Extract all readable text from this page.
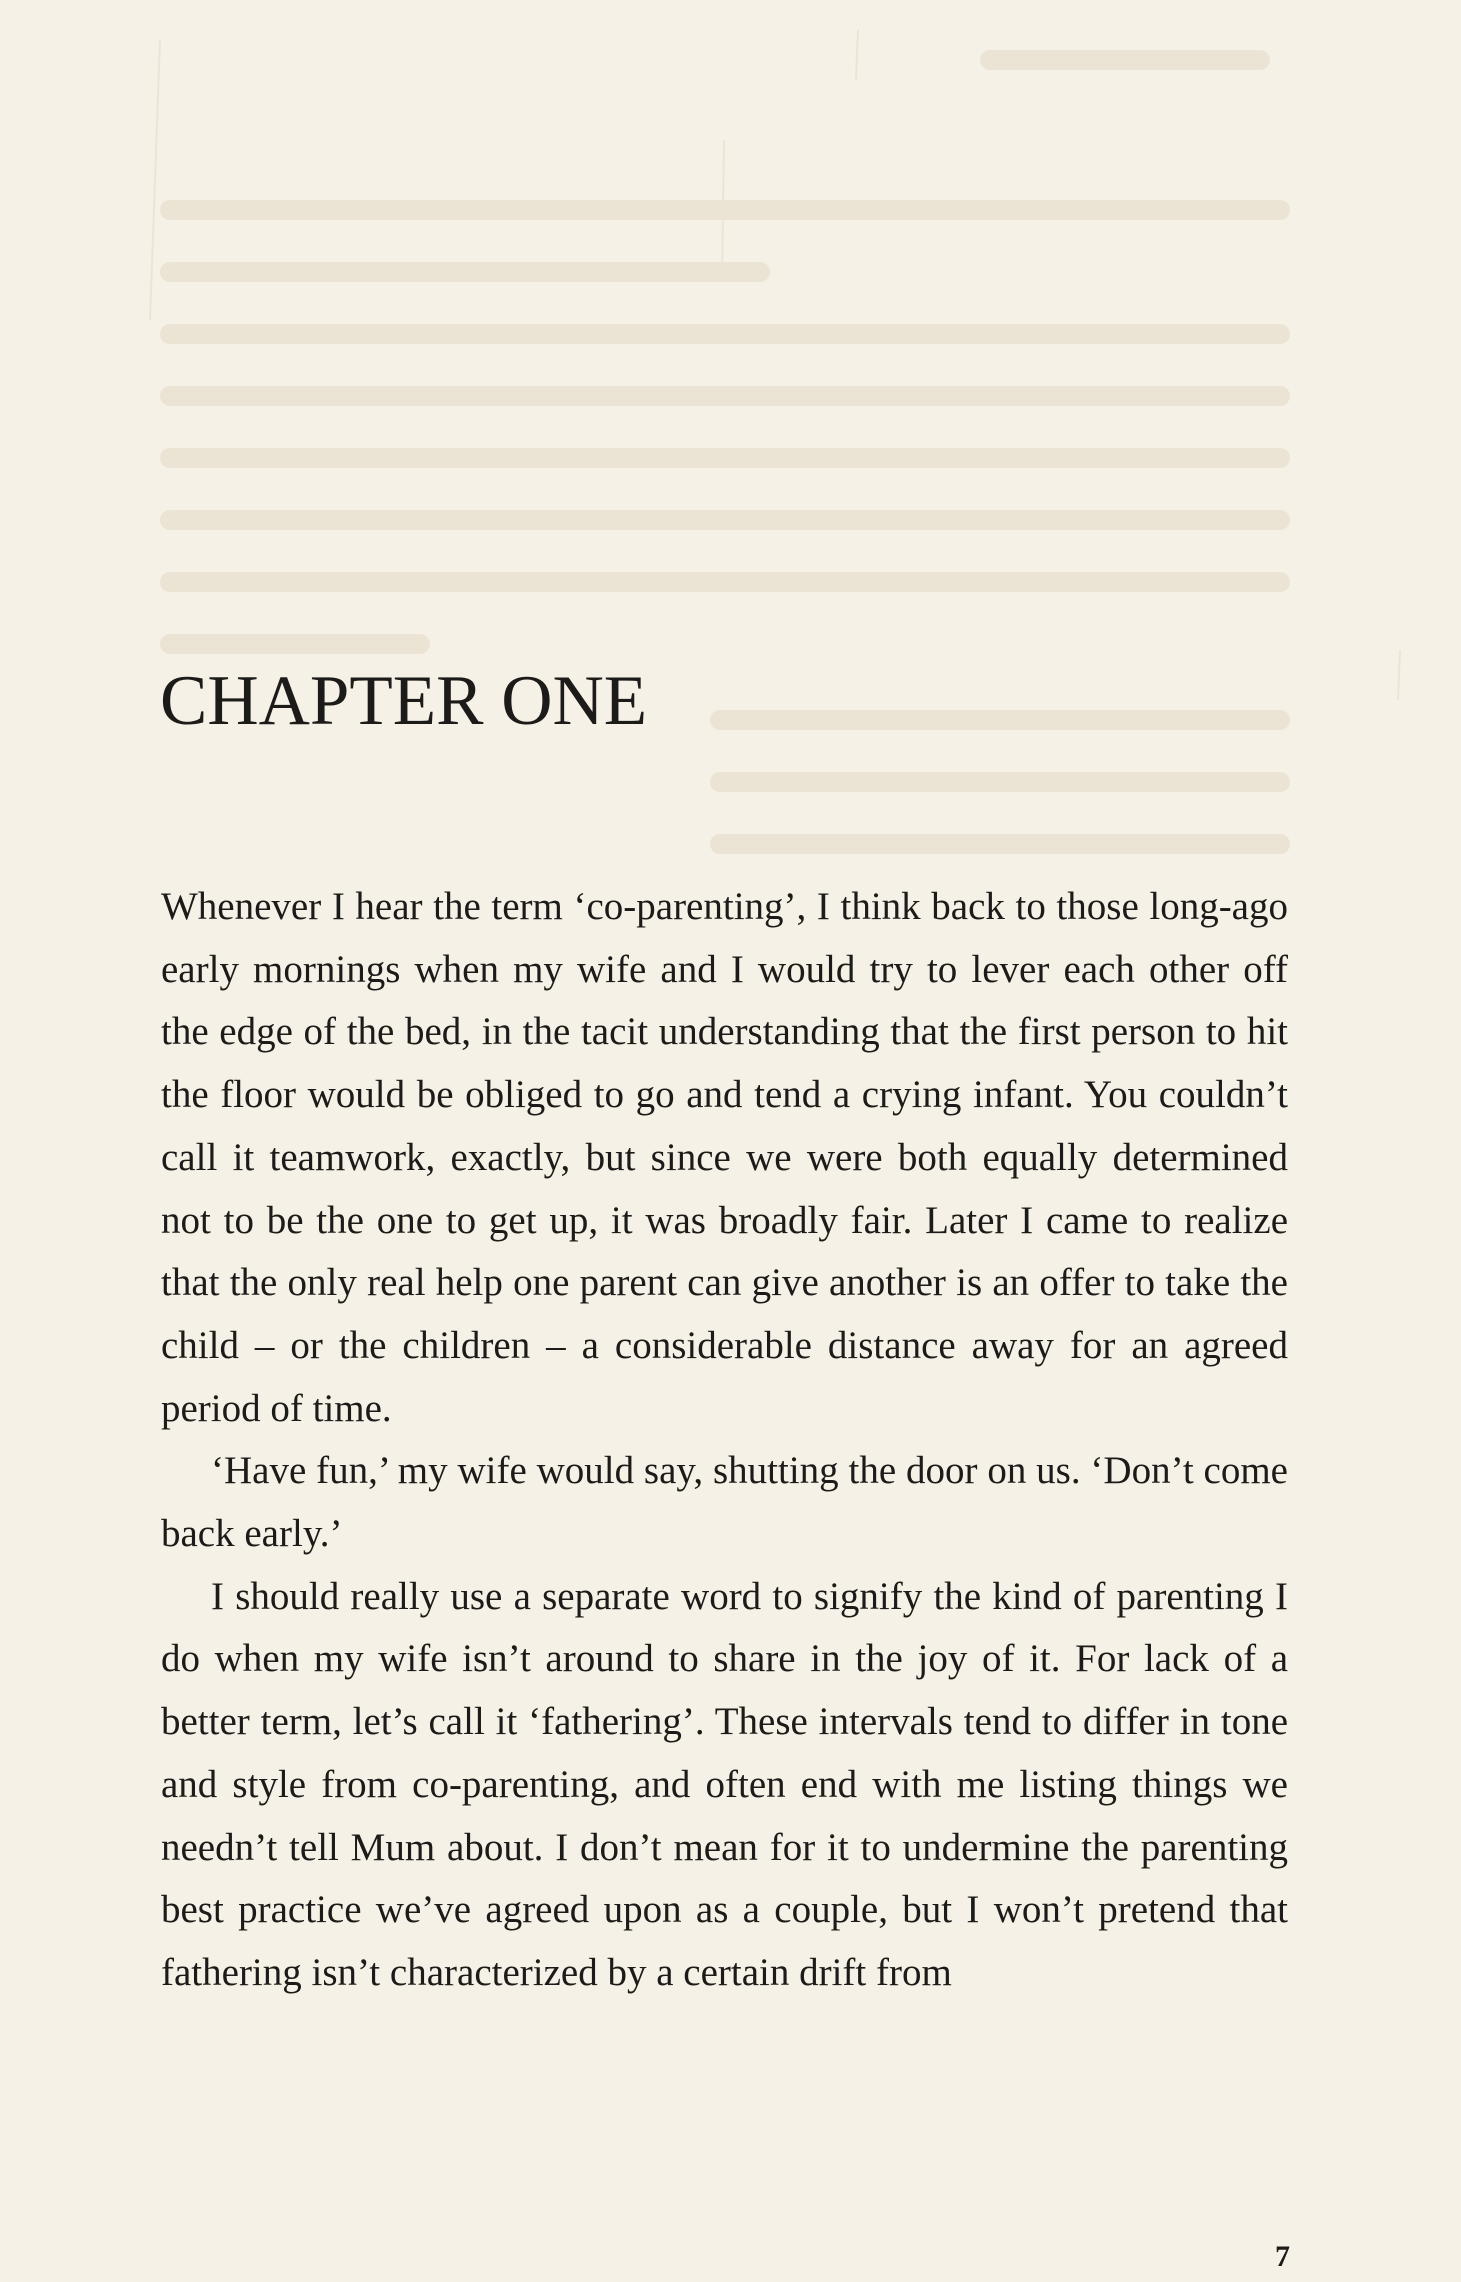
CHAPTER ONE

Whenever I hear the term ‘co-parenting’, I think back to those long-ago early mornings when my wife and I would try to lever each other off the edge of the bed, in the tacit understanding that the first person to hit the floor would be obliged to go and tend a crying infant. You couldn’t call it teamwork, exactly, but since we were both equally determined not to be the one to get up, it was broadly fair. Later I came to realize that the only real help one parent can give another is an offer to take the child – or the children – a considerable distance away for an agreed period of time.

‘Have fun,’ my wife would say, shutting the door on us. ‘Don’t come back early.’

I should really use a separate word to signify the kind of parenting I do when my wife isn’t around to share in the joy of it. For lack of a better term, let’s call it ‘fathering’. These intervals tend to differ in tone and style from co-parenting, and often end with me listing things we needn’t tell Mum about. I don’t mean for it to undermine the parenting best practice we’ve agreed upon as a couple, but I won’t pretend that fathering isn’t characterized by a certain drift from

7
